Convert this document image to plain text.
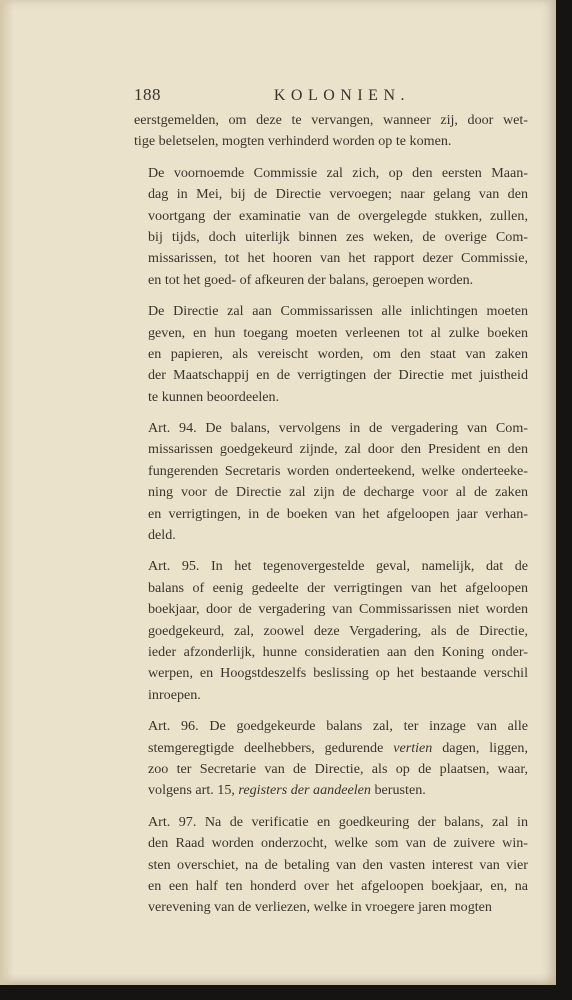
188	KOLONIEN.
eerstgemelden, om deze te vervangen, wanneer zij, door wet-
tige beletselen, mogten verhinderd worden op te komen.
De voornoemde Commissie zal zich, op den eersten Maan-
dag in Mei, bij de Directie vervoegen; naar gelang van den
voortgang der examinatie van de overgelegde stukken, zullen,
bij tijds, doch uiterlijk binnen zes weken, de overige Com-
missarissen, tot het hooren van het rapport dezer Commissie,
en tot het goed- of afkeuren der balans, geroepen worden.
De Directie zal aan Commissarissen alle inlichtingen moeten
geven, en hun toegang moeten verleenen tot al zulke boeken
en papieren, als vereischt worden, om den staat van zaken
der Maatschappij en de verrigtingen der Directie met juistheid
te kunnen beoordeelen.
Art. 94. De balans, vervolgens in de vergadering van Com-
missarissen goedgekeurd zijnde, zal door den President en den
fungerenden Secretaris worden onderteekend, welke onderteeke-
ning voor de Directie zal zijn de decharge voor al de zaken
en verrigtingen, in de boeken van het afgeloopen jaar verhan-
deld.
Art. 95. In het tegenovergestelde geval, namelijk, dat de
balans of eenig gedeelte der verrigtingen van het afgeloopen
boekjaar, door de vergadering van Commissarissen niet worden
goedgekeurd, zal, zoowel deze Vergadering, als de Directie,
ieder afzonderlijk, hunne consideratien aan den Koning onder-
werpen, en Hoogstdeszelfs beslissing op het bestaande verschil
inroepen.
Art. 96. De goedgekeurde balans zal, ter inzage van alle
stemgeregtigde deelhebbers, gedurende vertien dagen, liggen,
zoo ter Secretarie van de Directie, als op de plaatsen, waar,
volgens art. 15, registers der aandeelen berusten.
Art. 97. Na de verificatie en goedkeuring der balans, zal in
den Raad worden onderzocht, welke som van de zuivere win-
sten overschiet, na de betaling van den vasten interest van vier
en een half ten honderd over het afgeloopen boekjaar, en, na
verevening van de verliezen, welke in vroegere jaren mogten
